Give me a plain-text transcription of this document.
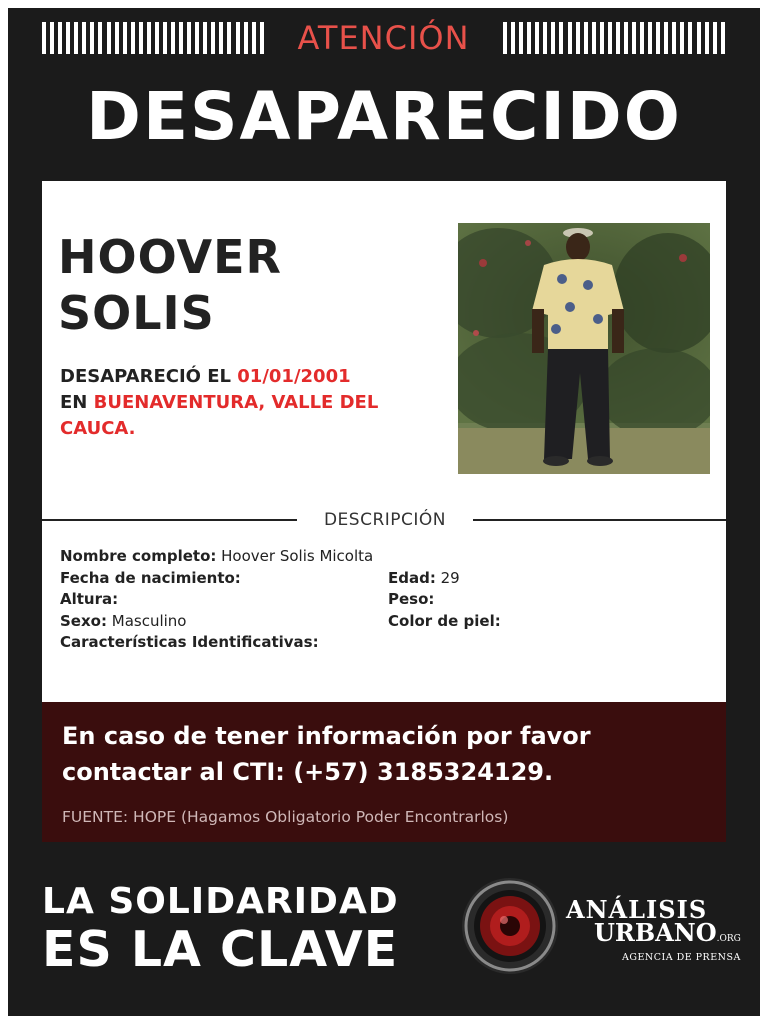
ATENCIÓN
DESAPARECIDO
HOOVER
SOLIS
DESAPARECIÓ EL 01/01/2001
EN BUENAVENTURA, VALLE DEL CAUCA.
DESCRIPCIÓN
Nombre completo: Hoover Solis Micolta
Fecha de nacimiento:	Edad: 29
Altura:	Peso:
Sexo: Masculino	Color de piel:
Características Identificativas:
En caso de tener información por favor
contactar al CTI: (+57) 3185324129.
FUENTE: HOPE (Hagamos Obligatorio Poder Encontrarlos)
LA SOLIDARIDAD
ES LA CLAVE
ANÁLISIS
URBANO.ORG
AGENCIA DE PRENSA
